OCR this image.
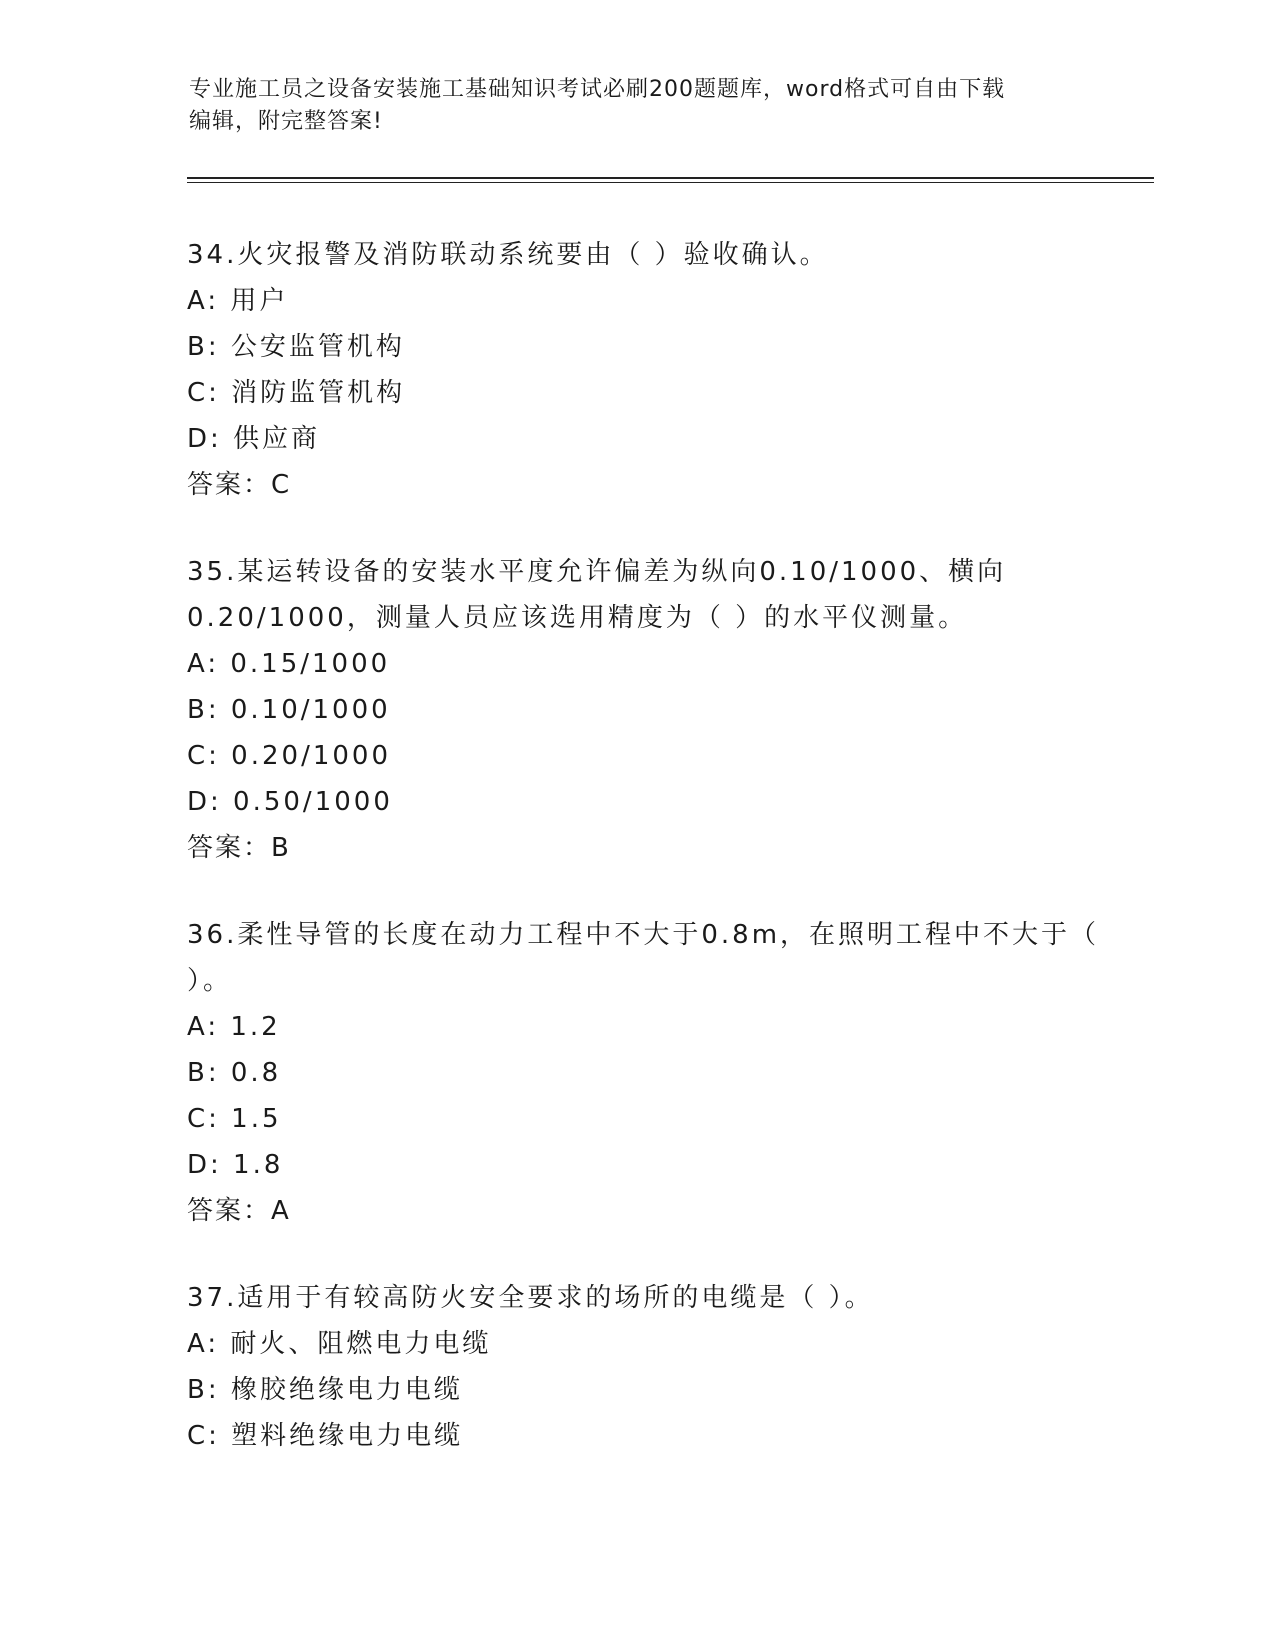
专业施工员之设备安装施工基础知识考试必刷200题题库，word格式可自由下载
编辑，附完整答案!
34.火灾报警及消防联动系统要由（ ）验收确认。
A: 用户
B: 公安监管机构
C: 消防监管机构
D: 供应商
答案：C
35.某运转设备的安装水平度允许偏差为纵向0.10/1000、横向
0.20/1000，测量人员应该选用精度为（ ）的水平仪测量。
A: 0.15/1000
B: 0.10/1000
C: 0.20/1000
D: 0.50/1000
答案：B
36.柔性导管的长度在动力工程中不大于0.8m，在照明工程中不大于（
）。
A: 1.2
B: 0.8
C: 1.5
D: 1.8
答案：A
37.适用于有较高防火安全要求的场所的电缆是（ ）。
A: 耐火、阻燃电力电缆
B: 橡胶绝缘电力电缆
C: 塑料绝缘电力电缆
